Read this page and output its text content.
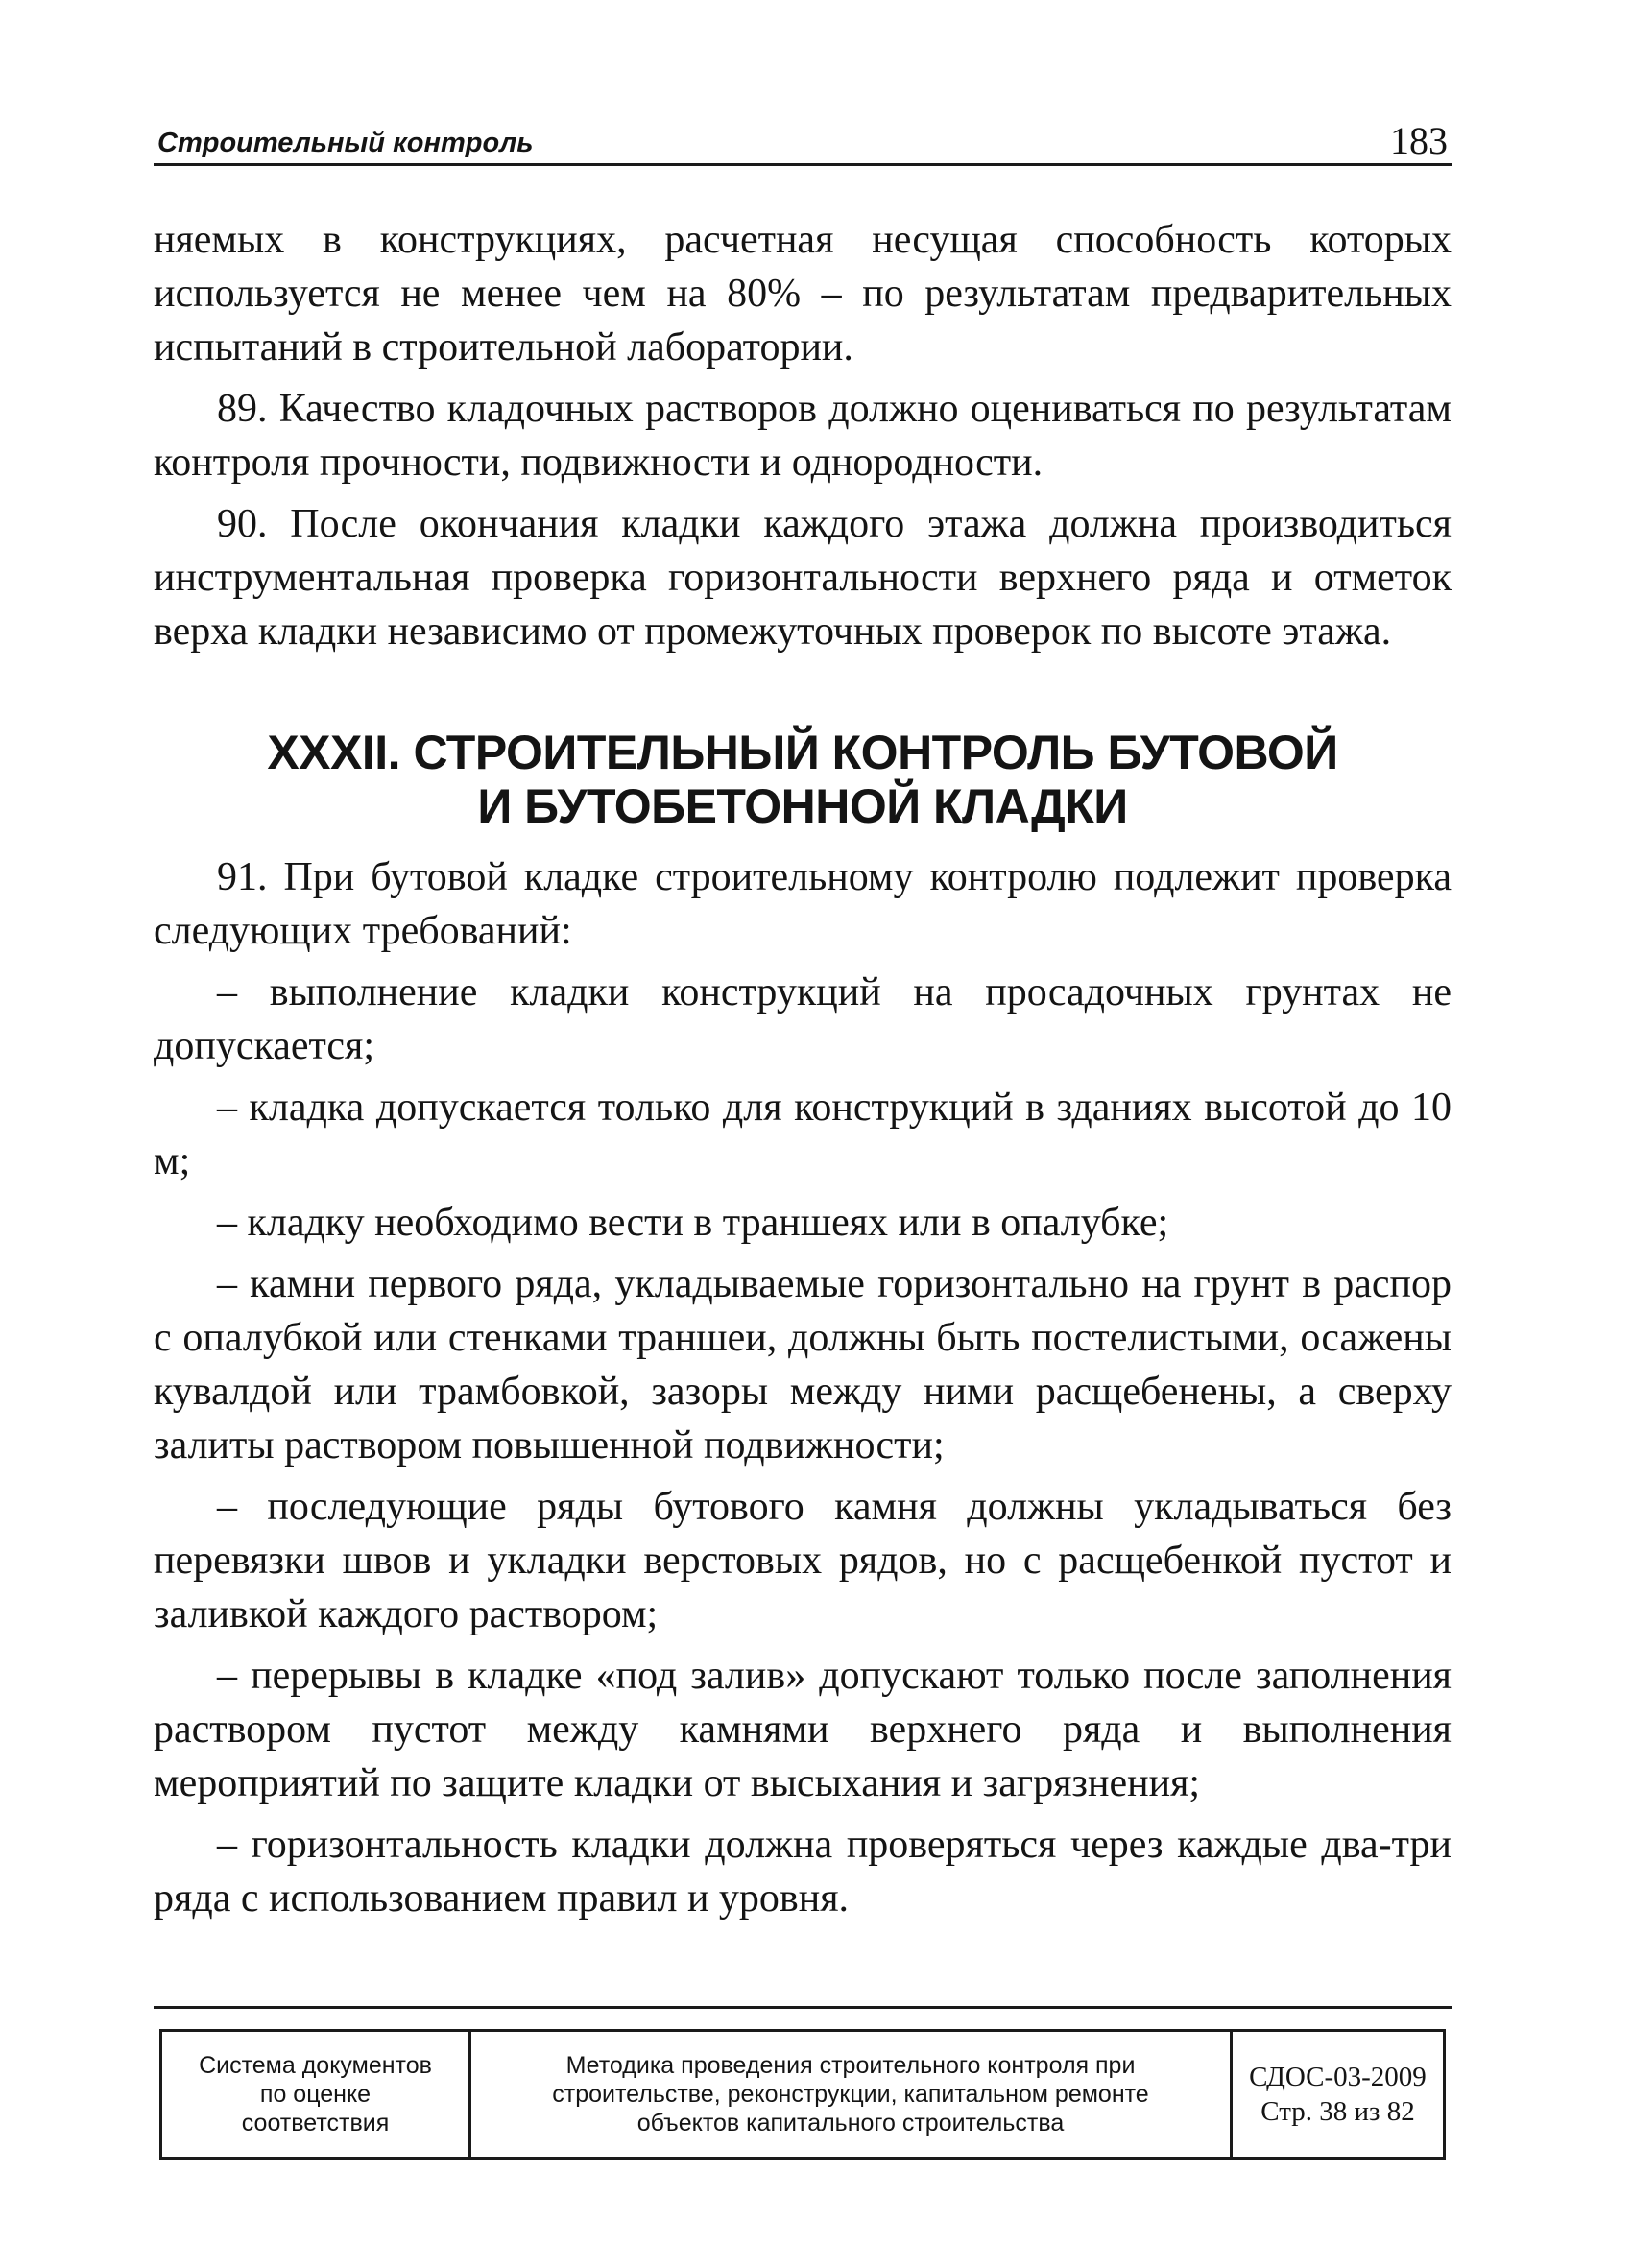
Строительный контроль	183

няемых в конструкциях, расчетная несущая способность которых используется не менее чем на 80% – по результатам предварительных испытаний в строительной лаборатории.

89. Качество кладочных растворов должно оцениваться по результатам контроля прочности, подвижности и однородности.

90. После окончания кладки каждого этажа должна производиться инструментальная проверка горизонтальности верхнего ряда и отметок верха кладки независимо от промежуточных проверок по высоте этажа.

XXXII. СТРОИТЕЛЬНЫЙ КОНТРОЛЬ БУТОВОЙ
И БУТОБЕТОННОЙ КЛАДКИ

91. При бутовой кладке строительному контролю подлежит проверка следующих требований:

– выполнение кладки конструкций на просадочных грунтах не допускается;

– кладка допускается только для конструкций в зданиях высотой до 10 м;

– кладку необходимо вести в траншеях или в опалубке;

– камни первого ряда, укладываемые горизонтально на грунт в распор с опалубкой или стенками траншеи, должны быть постелистыми, осажены кувалдой или трамбовкой, зазоры между ними расщебенены, а сверху залиты раствором повышенной подвижности;

– последующие ряды бутового камня должны укладываться без перевязки швов и укладки верстовых рядов, но с расщебенкой пустот и заливкой каждого раствором;

– перерывы в кладке «под залив» допускают только после заполнения раствором пустот между камнями верхнего ряда и выполнения мероприятий по защите кладки от высыхания и загрязнения;

– горизонтальность кладки должна проверяться через каждые два-три ряда с использованием правил и уровня.

Система документов
по оценке
соответствия
Методика проведения строительного контроля при
строительстве, реконструкции, капитальном ремонте
объектов капитального строительства
СДОС-03-2009
Стр. 38 из 82
